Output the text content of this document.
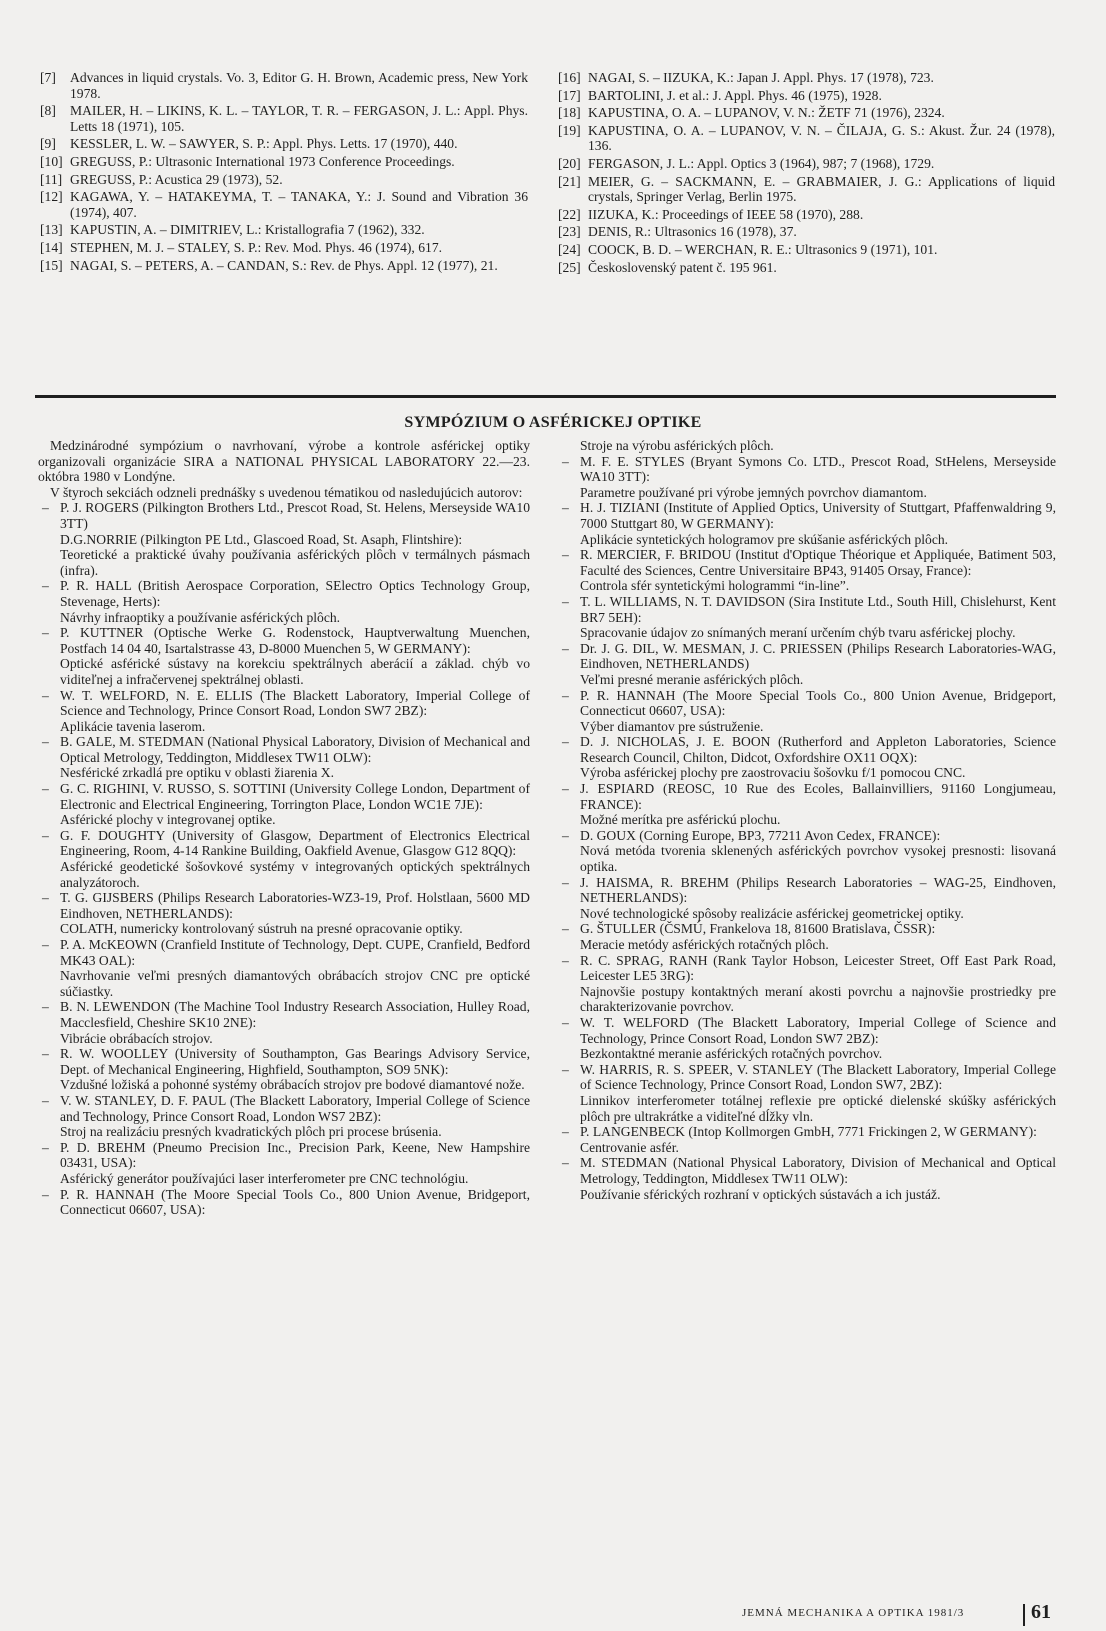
[7] Advances in liquid crystals. Vo. 3, Editor G. H. Brown, Academic press, New York 1978.
[8] MAILER, H. – LIKINS, K. L. – TAYLOR, T. R. – FERGASON, J. L.: Appl. Phys. Letts 18 (1971), 105.
[9] KESSLER, L. W. – SAWYER, S. P.: Appl. Phys. Letts. 17 (1970), 440.
[10] GREGUSS, P.: Ultrasonic International 1973 Conference Proceedings.
[11] GREGUSS, P.: Acustica 29 (1973), 52.
[12] KAGAWA, Y. – HATAKEYMA, T. – TANAKA, Y.: J. Sound and Vibration 36 (1974), 407.
[13] KAPUSTIN, A. – DIMITRIEV, L.: Kristallografia 7 (1962), 332.
[14] STEPHEN, M. J. – STALEY, S. P.: Rev. Mod. Phys. 46 (1974), 617.
[15] NAGAI, S. – PETERS, A. – CANDAN, S.: Rev. de Phys. Appl. 12 (1977), 21.
[16] NAGAI, S. – IIZUKA, K.: Japan J. Appl. Phys. 17 (1978), 723.
[17] BARTOLINI, J. et al.: J. Appl. Phys. 46 (1975), 1928.
[18] KAPUSTINA, O. A. – LUPANOV, V. N.: ŽETF 71 (1976), 2324.
[19] KAPUSTINA, O. A. – LUPANOV, V. N. – ČILAJA, G. S.: Akust. Žur. 24 (1978), 136.
[20] FERGASON, J. L.: Appl. Optics 3 (1964), 987; 7 (1968), 1729.
[21] MEIER, G. – SACKMANN, E. – GRABMAIER, J. G.: Applications of liquid crystals, Springer Verlag, Berlin 1975.
[22] IIZUKA, K.: Proceedings of IEEE 58 (1970), 288.
[23] DENIS, R.: Ultrasonics 16 (1978), 37.
[24] COOCK, B. D. – WERCHAN, R. E.: Ultrasonics 9 (1971), 101.
[25] Československý patent č. 195 961.
SYMPÓZIUM O ASFÉRICKEJ OPTIKE

Medzinárodné sympózium o navrhovaní, výrobe a kontrole asférickej optiky organizovali organizácie SIRA a NATIONAL PHYSICAL LABORATORY 22.—23. októbra 1980 v Londýne.

V štyroch sekciách odzneli prednášky s uvedenou tématikou od nasledujúcich autorov:

– P. J. ROGERS (Pilkington Brothers Ltd., Prescot Road, St. Helens, Merseyside WA10 3TT)

D.G.NORRIE (Pilkington PE Ltd., Glascoed Road, St. Asaph, Flintshire):

Teoretické a praktické úvahy používania asférických plôch v termálnych pásmach (infra).

– P. R. HALL (British Aerospace Corporation, SElectro Optics Technology Group, Stevenage, Herts):

Návrhy infraoptiky a používanie asférických plôch.

– P. KUTTNER (Optische Werke G. Rodenstock, Hauptverwaltung Muenchen, Postfach 14 04 40, Isartalstrasse 43, D-8000 Muenchen 5, W GERMANY):

Optické asférické sústavy na korekciu spektrálnych aberácií a základ. chýb vo viditeľnej a infračervenej spektrálnej oblasti.

– W. T. WELFORD, N. E. ELLIS (The Blackett Laboratory, Imperial College of Science and Technology, Prince Consort Road, London SW7 2BZ):

Aplikácie tavenia laserom.

– B. GALE, M. STEDMAN (National Physical Laboratory, Division of Mechanical and Optical Metrology, Teddington, Middlesex TW11 OLW):

Nesférické zrkadlá pre optiku v oblasti žiarenia X.

– G. C. RIGHINI, V. RUSSO, S. SOTTINI (University College London, Department of Electronic and Electrical Engineering, Torrington Place, London WC1E 7JE):

Asférické plochy v integrovanej optike.

– G. F. DOUGHTY (University of Glasgow, Department of Electronics Electrical Engineering, Room, 4-14 Rankine Building, Oakfield Avenue, Glasgow G12 8QQ):

Asférické geodetické šošovkové systémy v integrovaných optických spektrálnych analyzátoroch.

– T. G. GIJSBERS (Philips Research Laboratories-WZ3-19, Prof. Holstlaan, 5600 MD Eindhoven, NETHERLANDS):

COLATH, numericky kontrolovaný sústruh na presné opracovanie optiky.

– P. A. McKEOWN (Cranfield Institute of Technology, Dept. CUPE, Cranfield, Bedford MK43 OAL):

Navrhovanie veľmi presných diamantových obrábacích strojov CNC pre optické súčiastky.

– B. N. LEWENDON (The Machine Tool Industry Research Association, Hulley Road, Macclesfield, Cheshire SK10 2NE):

Vibrácie obrábacích strojov.

– R. W. WOOLLEY (University of Southampton, Gas Bearings Advisory Service, Dept. of Mechanical Engineering, Highfield, Southampton, SO9 5NK):

Vzdušné ložiská a pohonné systémy obrábacích strojov pre bodové diamantové nože.

– V. W. STANLEY, D. F. PAUL (The Blackett Laboratory, Imperial College of Science and Technology, Prince Consort Road, London WS7 2BZ):

Stroj na realizáciu presných kvadratických plôch pri procese brúsenia.

– P. D. BREHM (Pneumo Precision Inc., Precision Park, Keene, New Hampshire 03431, USA):

Asférický generátor používajúci laser interferometer pre CNC technológiu.

– P. R. HANNAH (The Moore Special Tools Co., 800 Union Avenue, Bridgeport, Connecticut 06607, USA):

Stroje na výrobu asférických plôch.

– M. F. E. STYLES (Bryant Symons Co. LTD., Prescot Road, StHelens, Merseyside WA10 3TT):

Parametre používané pri výrobe jemných povrchov diamantom.

– H. J. TIZIANI (Institute of Applied Optics, University of Stuttgart, Pfaffenwaldring 9, 7000 Stuttgart 80, W GERMANY):

Aplikácie syntetických hologramov pre skúšanie asférických plôch.

– R. MERCIER, F. BRIDOU (Institut d'Optique Théorique et Appliquée, Batiment 503, Faculté des Sciences, Centre Universitaire BP43, 91405 Orsay, France):

Controla sfér syntetickými hologrammi “in-line”.

– T. L. WILLIAMS, N. T. DAVIDSON (Sira Institute Ltd., South Hill, Chislehurst, Kent BR7 5EH):

Spracovanie údajov zo snímaných meraní určením chýb tvaru asférickej plochy.

– Dr. J. G. DIL, W. MESMAN, J. C. PRIESSEN (Philips Research Laboratories-WAG, Eindhoven, NETHERLANDS)

Veľmi presné meranie asférických plôch.

– P. R. HANNAH (The Moore Special Tools Co., 800 Union Avenue, Bridgeport, Connecticut 06607, USA):

Výber diamantov pre sústruženie.

– D. J. NICHOLAS, J. E. BOON (Rutherford and Appleton Laboratories, Science Research Council, Chilton, Didcot, Oxfordshire OX11 OQX):

Výroba asférickej plochy pre zaostrovaciu šošovku f/1 pomocou CNC.

– J. ESPIARD (REOSC, 10 Rue des Ecoles, Ballainvilliers, 91160 Longjumeau, FRANCE):

Možné merítka pre asférickú plochu.

– D. GOUX (Corning Europe, BP3, 77211 Avon Cedex, FRANCE):

Nová metóda tvorenia sklenených asférických povrchov vysokej presnosti: lisovaná optika.

– J. HAISMA, R. BREHM (Philips Research Laboratories – WAG-25, Eindhoven, NETHERLANDS):

Nové technologické spôsoby realizácie asférickej geometrickej optiky.

– G. ŠTULLER (ČSMÚ, Frankelova 18, 81600 Bratislava, ČSSR):

Meracie metódy asférických rotačných plôch.

– R. C. SPRAG, RANH (Rank Taylor Hobson, Leicester Street, Off East Park Road, Leicester LE5 3RG):

Najnovšie postupy kontaktných meraní akosti povrchu a najnovšie prostriedky pre charakterizovanie povrchov.

– W. T. WELFORD (The Blackett Laboratory, Imperial College of Science and Technology, Prince Consort Road, London SW7 2BZ):

Bezkontaktné meranie asférických rotačných povrchov.

– W. HARRIS, R. S. SPEER, V. STANLEY (The Blackett Laboratory, Imperial College of Science Technology, Prince Consort Road, London SW7, 2BZ):

Linnikov interferometer totálnej reflexie pre optické dielenské skúšky asférických plôch pre ultrakrátke a viditeľné dĺžky vln.

– P. LANGENBECK (Intop Kollmorgen GmbH, 7771 Frickingen 2, W GERMANY):

Centrovanie asfér.

– M. STEDMAN (National Physical Laboratory, Division of Mechanical and Optical Metrology, Teddington, Middlesex TW11 OLW):

Používanie sférických rozhraní v optických sústavách a ich justáž.

JEMNÁ MECHANIKA A OPTIKA 1981/3	61
